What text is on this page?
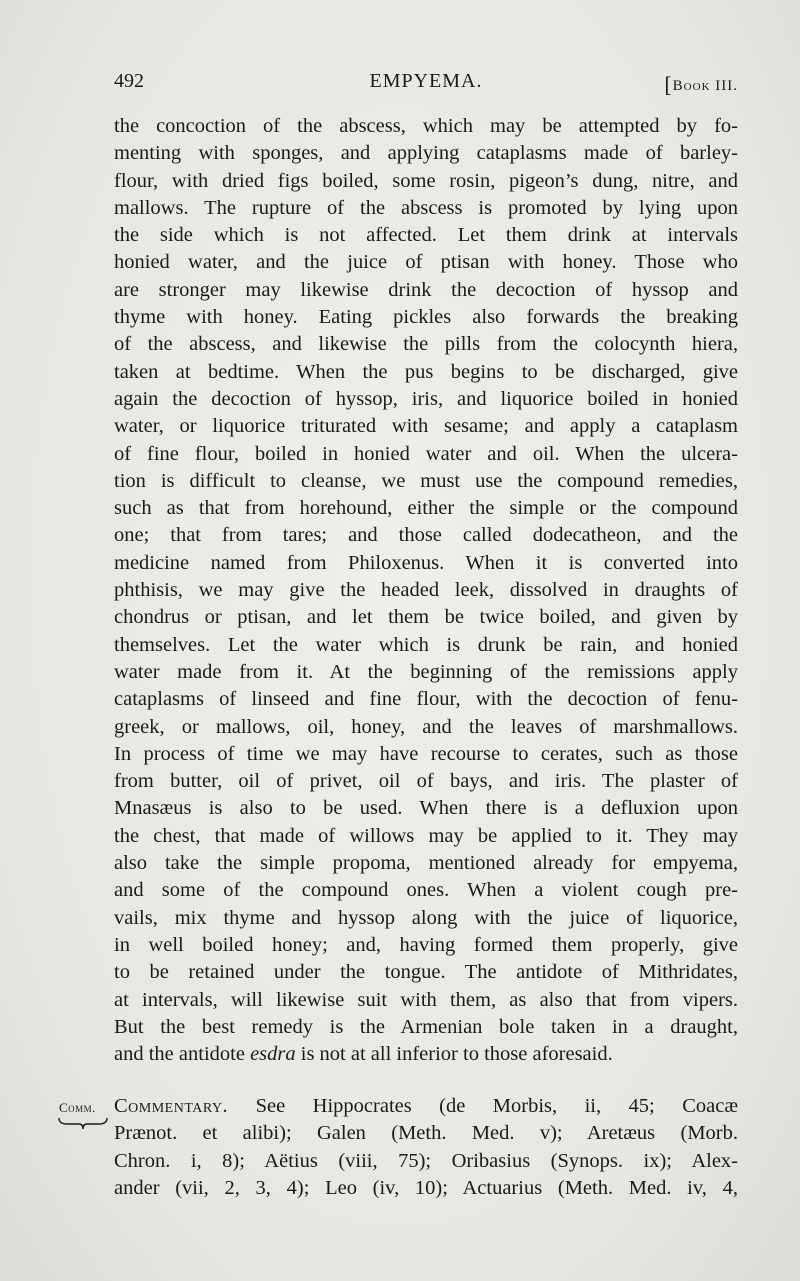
492	EMPYEMA.	[Book III.
the concoction of the abscess, which may be attempted by fo-
menting with sponges, and applying cataplasms made of barley-
flour, with dried figs boiled, some rosin, pigeon’s dung, nitre, and
mallows. The rupture of the abscess is promoted by lying upon
the side which is not affected. Let them drink at intervals
honied water, and the juice of ptisan with honey. Those who
are stronger may likewise drink the decoction of hyssop and
thyme with honey. Eating pickles also forwards the breaking
of the abscess, and likewise the pills from the colocynth hiera,
taken at bedtime. When the pus begins to be discharged, give
again the decoction of hyssop, iris, and liquorice boiled in honied
water, or liquorice triturated with sesame; and apply a cataplasm
of fine flour, boiled in honied water and oil. When the ulcera-
tion is difficult to cleanse, we must use the compound remedies,
such as that from horehound, either the simple or the compound
one; that from tares; and those called dodecatheon, and the
medicine named from Philoxenus. When it is converted into
phthisis, we may give the headed leek, dissolved in draughts of
chondrus or ptisan, and let them be twice boiled, and given by
themselves. Let the water which is drunk be rain, and honied
water made from it. At the beginning of the remissions apply
cataplasms of linseed and fine flour, with the decoction of fenu-
greek, or mallows, oil, honey, and the leaves of marshmallows.
In process of time we may have recourse to cerates, such as those
from butter, oil of privet, oil of bays, and iris. The plaster of
Mnasæus is also to be used. When there is a defluxion upon
the chest, that made of willows may be applied to it. They may
also take the simple propoma, mentioned already for empyema,
and some of the compound ones. When a violent cough pre-
vails, mix thyme and hyssop along with the juice of liquorice,
in well boiled honey; and, having formed them properly, give
to be retained under the tongue. The antidote of Mithridates,
at intervals, will likewise suit with them, as also that from vipers.
But the best remedy is the Armenian bole taken in a draught,
and the antidote esdra is not at all inferior to those aforesaid.
Comm. Commentary. See Hippocrates (de Morbis, ii, 45; Coacæ
Prænot. et alibi); Galen (Meth. Med. v); Aretæus (Morb.
Chron. i, 8); Aëtius (viii, 75); Oribasius (Synops. ix); Alex-
ander (vii, 2, 3, 4); Leo (iv, 10); Actuarius (Meth. Med. iv, 4,
